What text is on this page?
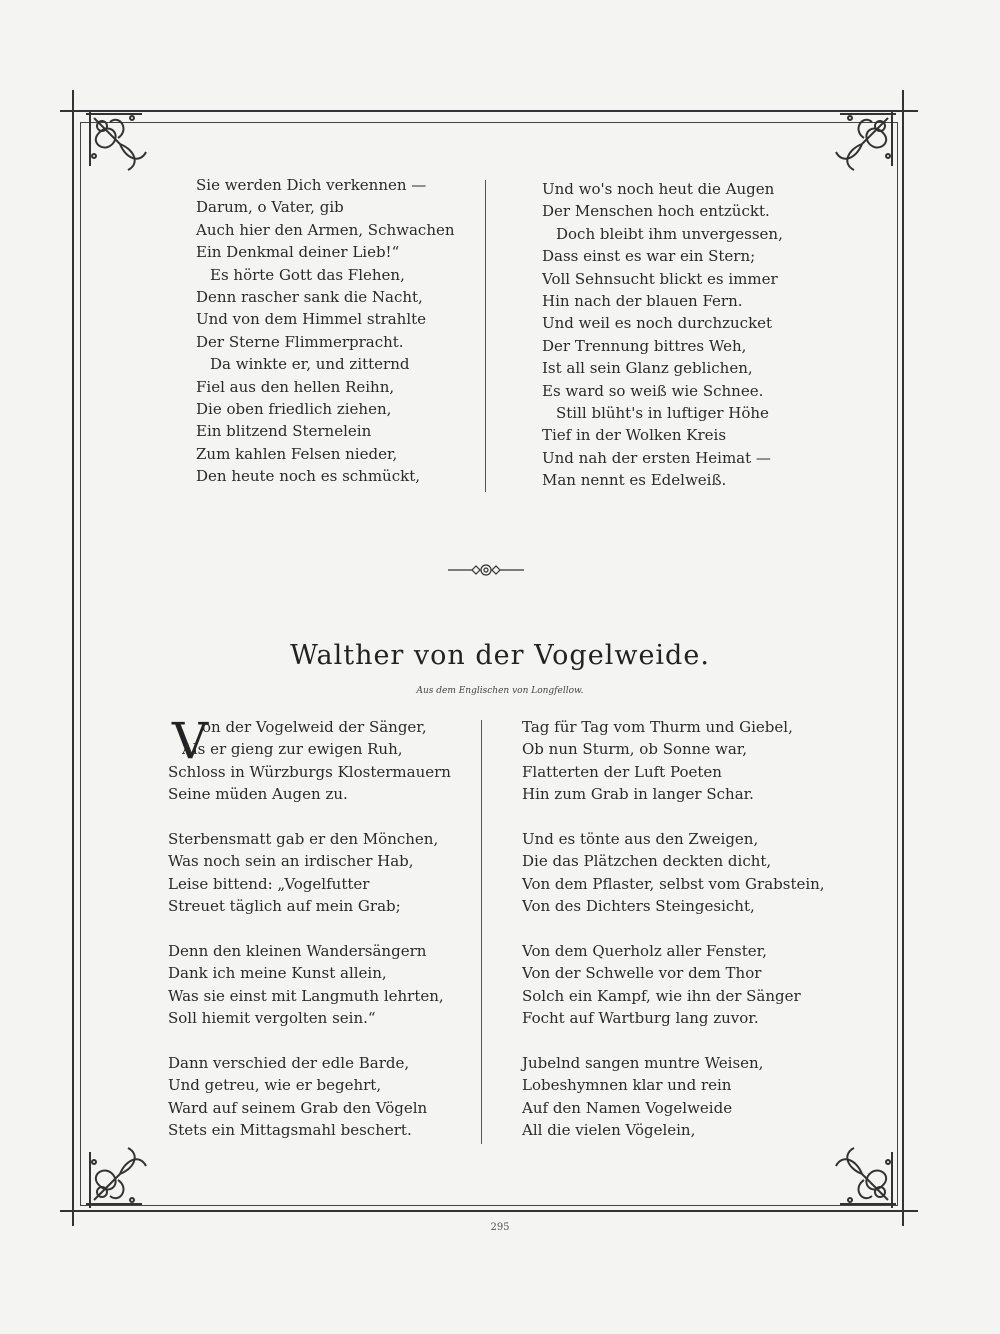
Sie werden Dich verkennen —
Darum, o Vater, gib
Auch hier den Armen, Schwachen
Ein Denkmal deiner Lieb!“
Es hörte Gott das Flehen,
Denn rascher sank die Nacht,
Und von dem Himmel strahlte
Der Sterne Flimmerpracht.
Da winkte er, und zitternd
Fiel aus den hellen Reihn,
Die oben friedlich ziehen,
Ein blitzend Sternelein
Zum kahlen Felsen nieder,
Den heute noch es schmückt,
Und wo's noch heut die Augen
Der Menschen hoch entzückt.
Doch bleibt ihm unvergessen,
Dass einst es war ein Stern;
Voll Sehnsucht blickt es immer
Hin nach der blauen Fern.
Und weil es noch durchzucket
Der Trennung bittres Weh,
Ist all sein Glanz geblichen,
Es ward so weiß wie Schnee.
Still blüht's in luftiger Höhe
Tief in der Wolken Kreis
Und nah der ersten Heimat —
Man nennt es Edelweiß.
Walther von der Vogelweide.
Aus dem Englischen von Longfellow.
V
on der Vogelweid der Sänger,
Als er gieng zur ewigen Ruh,
Schloss in Würzburgs Klostermauern
Seine müden Augen zu.
Sterbensmatt gab er den Mönchen,
Was noch sein an irdischer Hab,
Leise bittend: „Vogelfutter
Streuet täglich auf mein Grab;
Denn den kleinen Wandersängern
Dank ich meine Kunst allein,
Was sie einst mit Langmuth lehrten,
Soll hiemit vergolten sein.“
Dann verschied der edle Barde,
Und getreu, wie er begehrt,
Ward auf seinem Grab den Vögeln
Stets ein Mittagsmahl beschert.
Tag für Tag vom Thurm und Giebel,
Ob nun Sturm, ob Sonne war,
Flatterten der Luft Poeten
Hin zum Grab in langer Schar.
Und es tönte aus den Zweigen,
Die das Plätzchen deckten dicht,
Von dem Pflaster, selbst vom Grabstein,
Von des Dichters Steingesicht,
Von dem Querholz aller Fenster,
Von der Schwelle vor dem Thor
Solch ein Kampf, wie ihn der Sänger
Focht auf Wartburg lang zuvor.
Jubelnd sangen muntre Weisen,
Lobeshymnen klar und rein
Auf den Namen Vogelweide
All die vielen Vögelein,
295
